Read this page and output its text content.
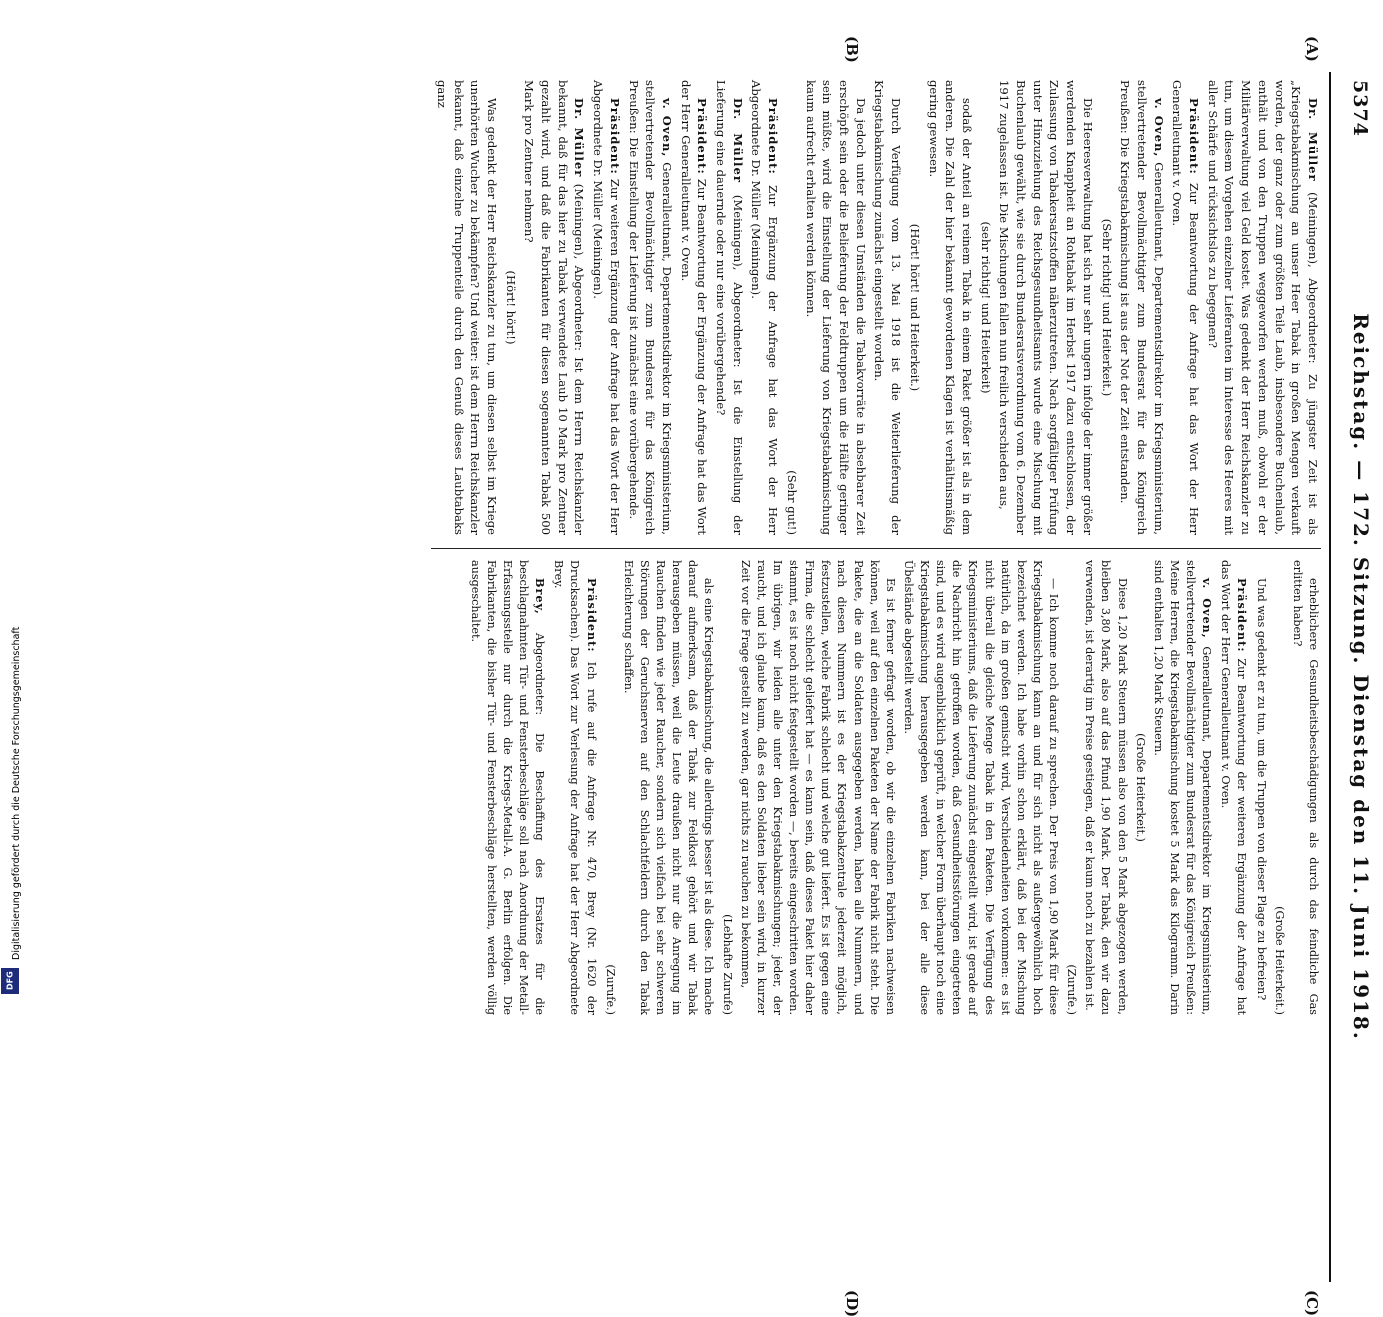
5374
Reichstag. — 172. Sitzung. Dienstag den 11. Juni 1918.
(A)
(B)
(C)
(D)

Dr. Müller (Meiningen), Abgeordneter: Zu jüngster Zeit ist als „Kriegstabakmischung an unser Heer Tabak in großen Mengen verkauft worden, der ganz oder zum größten Teile Laub, insbesondere Buchenlaub, enthält und von den Truppen weggeworfen werden muß, obwohl er der Militärverwaltung viel Geld kostet. Was gedenkt der Herr Reichskanzler zu tun, um diesem Vorgehen einzelner Lieferanten im Interesse des Heeres mit aller Schärfe und rücksichtslos zu begegnen?

Präsident: Zur Beantwortung der Anfrage hat das Wort der Herr Generalleutnant v. Oven.

v. Oven, Generalleutnant, Departementsdirektor im Kriegsministerium, stellvertretender Bevollmächtigter zum Bundesrat für das Königreich Preußen: Die Kriegstabakmischung ist aus der Not der Zeit entstanden.

(Sehr richtig! und Heiterkeit.)

Die Heeresverwaltung hat sich nur sehr ungern infolge der immer größer werdenden Knappheit an Rohtabak im Herbst 1917 dazu entschlossen, der Zulassung von Tabakersatzstoffen näherzutreten. Nach sorgfältiger Prüfung unter Hinzuziehung des Reichsgesundheitsamts wurde eine Mischung mit Buchenlaub gewählt, wie sie durch Bundesratsverordnung vom 6. Dezember 1917 zugelassen ist. Die Mischungen fallen nun freilich verschieden aus,

(sehr richtig! und Heiterkeit)

sodaß der Anteil an reinem Tabak in einem Paket größer ist als in dem anderen. Die Zahl der hier bekannt gewordenen Klagen ist verhältnismäßig gering gewesen.

(Hört! hört! und Heiterkeit.)

Durch Verfügung vom 13. Mai 1918 ist die Weiterlieferung der Kriegstabakmischung zunächst eingestellt worden.

Da jedoch unter diesen Umständen die Tabakvorräte in absehbarer Zeit erschöpft sein oder die Belieferung der Feldtruppen um die Hälfte geringer sein müßte, wird die Einstellung der Lieferung von Kriegstabakmischung kaum aufrecht erhalten werden können.

(Sehr gut!)

Präsident: Zur Ergänzung der Anfrage hat das Wort der Herr Abgeordnete Dr. Müller (Meiningen).

Dr. Müller (Meiningen), Abgeordneter: Ist die Einstellung der Lieferung eine dauernde oder nur eine vorübergehende?

Präsident: Zur Beantwortung der Ergänzung der Anfrage hat das Wort der Herr Generalleutnant v. Oven.

v. Oven, Generalleutnant, Departementsdirektor im Kriegsministerium, stellvertretender Bevollmächtigter zum Bundesrat für das Königreich Preußen: Die Einstellung der Lieferung ist zunächst eine vorübergehende.

Präsident: Zur weiteren Ergänzung der Anfrage hat das Wort der Herr Abgeordnete Dr. Müller (Meiningen).

Dr. Müller (Meiningen), Abgeordneter: Ist dem Herrn Reichskanzler bekannt, daß für das hier zu Tabak verwendete Laub 10 Mark pro Zentner gezahlt wird, und daß die Fabrikanten für diesen sogenannten Tabak 500 Mark pro Zentner nehmen?

(Hört! hört!)

Was gedenkt der Herr Reichskanzler zu tun, um diesen selbst im Kriege unerhörten Wucher zu bekämpfen? Und weiter: ist dem Herrn Reichskanzler bekannt, daß einzelne Truppenteile durch den Genuß dieses Laubtabaks ganz

erheblichere Gesundheitsbeschädigungen als durch das feindliche Gas erlitten haben?

(Große Heiterkeit.)

Und was gedenkt er zu tun, um die Truppen von dieser Plage zu befreien?

Präsident: Zur Beantwortung der weiteren Ergänzung der Anfrage hat das Wort der Herr Generalleutnant v. Oven.

v. Oven, Generalleutnant, Departementsdirektor im Kriegsministerium, stellvertretender Bevollmächtigter zum Bundesrat für das Königreich Preußen: Meine Herren, die Kriegstabakmischung kostet 5 Mark das Kilogramm. Darin sind enthalten 1,20 Mark Steuern.

(Große Heiterkeit.)

Diese 1,20 Mark Steuern müssen also von den 5 Mark abgezogen werden, bleiben 3,80 Mark, also auf das Pfund 1,90 Mark. Der Tabak, den wir dazu verwenden, ist derartig im Preise gestiegen, daß er kaum noch zu bezahlen ist.

(Zurufe.)

— Ich komme noch darauf zu sprechen. Der Preis von 1,90 Mark für diese Kriegstabakmischung kann an und für sich nicht als außergewöhnlich hoch bezeichnet werden. Ich habe vorhin schon erklärt, daß bei der Mischung natürlich, da im großen gemischt wird, Verschiedenheiten vorkommen: es ist nicht überall die gleiche Menge Tabak in den Paketen. Die Verfügung des Kriegsministeriums, daß die Lieferung zunächst eingestellt wird, ist gerade auf die Nachricht hin getroffen worden, daß Gesundheitsstörungen eingetreten sind, und es wird augenblicklich geprüft, in welcher Form überhaupt noch eine Kriegstabakmischung herausgegeben werden kann, bei der alle diese Übelstände abgestellt werden.

Es ist ferner gefragt worden, ob wir die einzelnen Fabriken nachweisen können, weil auf den einzelnen Paketen der Name der Fabrik nicht steht. Die Pakete, die an die Soldaten ausgegeben werden, haben alle Nummern, und nach diesen Nummern ist es der Kriegstabakzentrale jederzeit möglich, festzustellen, welche Fabrik schlecht und welche gut liefert. Es ist gegen eine Firma, die schlecht geliefert hat — es kann sein, daß dieses Paket hier daher stammt, es ist noch nicht festgestellt worden —, bereits eingeschritten worden. Im übrigen, wir leiden alle unter den Kriegstabakmischungen; jeder, der raucht, und ich glaube kaum, daß es den Soldaten lieber sein wird, in kurzer Zeit vor die Frage gestellt zu werden, gar nichts zu rauchen zu bekommen,

(Lebhafte Zurufe)

als eine Kriegstabakmischung, die allerdings besser ist als diese. Ich mache darauf aufmerksam, daß der Tabak zur Feldkost gehört und wir Tabak herausgeben müssen, weil die Leute draußen nicht nur die Anregung im Rauchen finden wie jeder Raucher, sondern sich vielfach bei sehr schweren Störungen der Geruchsnerven auf den Schlachtfeldern durch den Tabak Erleichterung schaffen.

(Zurufe.)

Präsident: Ich rufe auf die Anfrage Nr. 470, Brey (Nr. 1620 der Drucksachen). Das Wort zur Verlesung der Anfrage hat der Herr Abgeordnete Brey.

Brey, Abgeordneter: Die Beschaffung des Ersatzes für die beschlagnahmten Tür- und Fensterbeschläge soll nach Anordnung der Metall-Erfassungsstelle nur durch die Kriegs-Metall-A. G. Berlin erfolgen. Die Fabrikanten, die bisher Tür- und Fensterbeschläge herstellten, werden völlig ausgeschaltet.

Digitalisierung gefördert durch die Deutsche Forschungsgemeinschaft
DFG
